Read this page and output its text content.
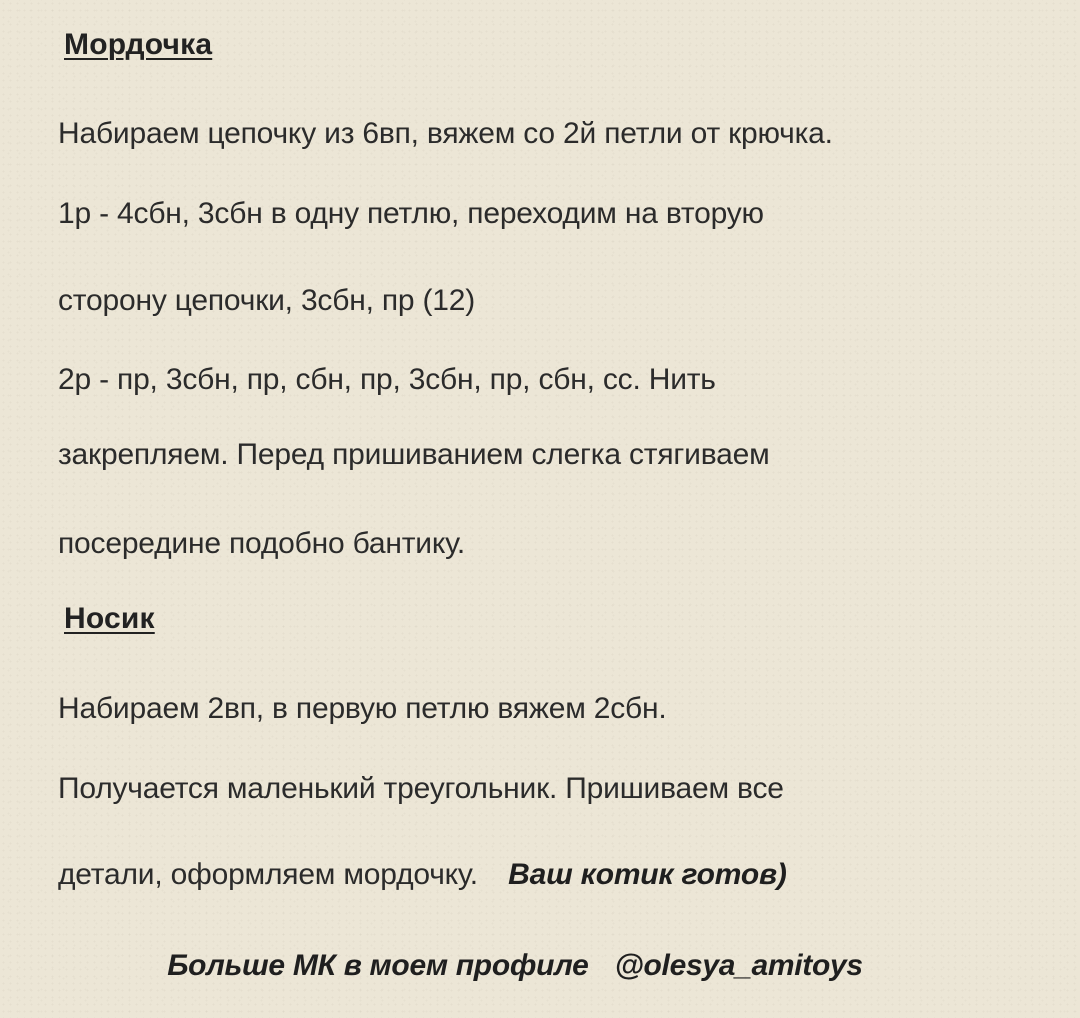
Мордочка
Набираем цепочку из 6вп, вяжем со 2й петли от крючка.
1р - 4сбн, 3сбн в одну петлю, переходим на вторую
сторону цепочки, 3сбн, пр (12)
2р - пр, 3сбн, пр, сбн, пр, 3сбн, пр, сбн, сс. Нить
закрепляем. Перед пришиванием слегка стягиваем
посередине подобно бантику.
Носик
Набираем 2вп, в первую петлю вяжем 2сбн.
Получается маленький треугольник. Пришиваем все
детали, оформляем мордочку. Ваш котик готов)
Больше МК в моем профиле @olesya_amitoys
